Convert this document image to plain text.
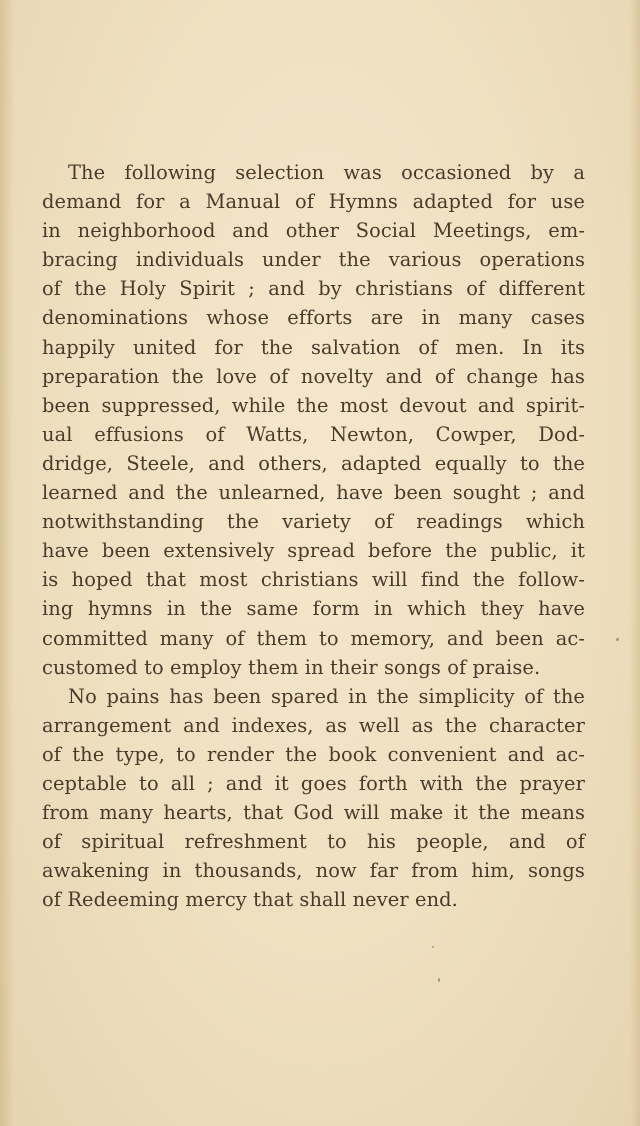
The following selection was occasioned by a
demand for a Manual of Hymns adapted for use
in neighborhood and other Social Meetings, em-
bracing individuals under the various operations
of the Holy Spirit ; and by christians of different
denominations whose efforts are in many cases
happily united for the salvation of men. In its
preparation the love of novelty and of change has
been suppressed, while the most devout and spirit-
ual effusions of Watts, Newton, Cowper, Dod-
dridge, Steele, and others, adapted equally to the
learned and the unlearned, have been sought ; and
notwithstanding the variety of readings which
have been extensively spread before the public, it
is hoped that most christians will find the follow-
ing hymns in the same form in which they have
committed many of them to memory, and been ac-
customed to employ them in their songs of praise.
No pains has been spared in the simplicity of the
arrangement and indexes, as well as the character
of the type, to render the book convenient and ac-
ceptable to all ; and it goes forth with the prayer
from many hearts, that God will make it the means
of spiritual refreshment to his people, and of
awakening in thousands, now far from him, songs
of Redeeming mercy that shall never end.
